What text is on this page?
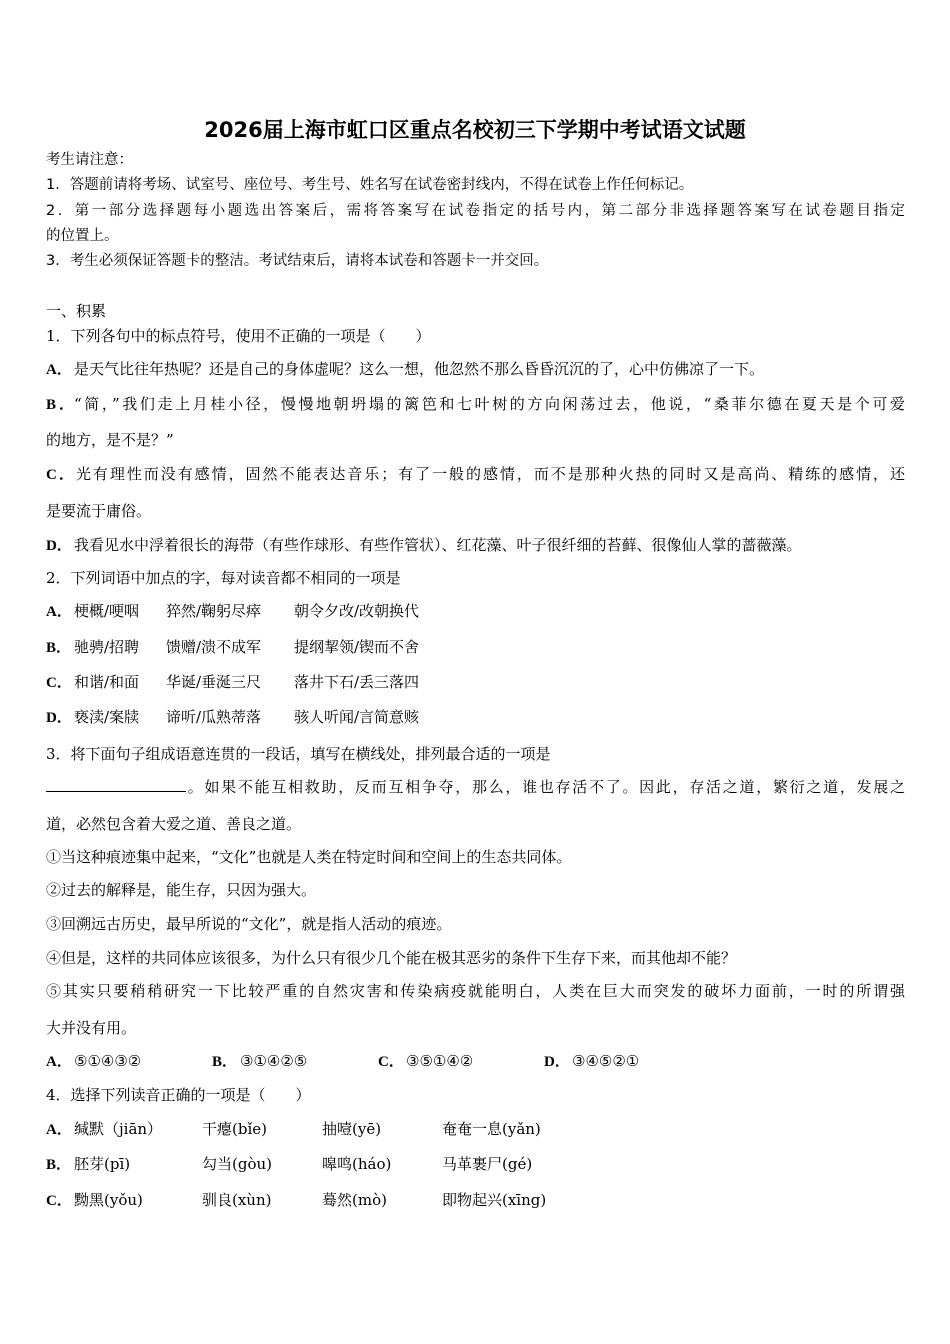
2026届上海市虹口区重点名校初三下学期中考试语文试题
考生请注意：
1．答题前请将考场、试室号、座位号、考生号、姓名写在试卷密封线内，不得在试卷上作任何标记。
2．第一部分选择题每小题选出答案后，需将答案写在试卷指定的括号内，第二部分非选择题答案写在试卷题目指定
的位置上。
3．考生必须保证答题卡的整洁。考试结束后，请将本试卷和答题卡一并交回。
一、积累
1．下列各句中的标点符号，使用不正确的一项是（　　）
A． 是天气比往年热呢？还是自己的身体虚呢？这么一想，他忽然不那么昏昏沉沉的了，心中仿佛凉了一下。
B．“简，”我们走上月桂小径，慢慢地朝坍塌的篱笆和七叶树的方向闲荡过去，他说，“桑菲尔德在夏天是个可爱
的地方，是不是？”
C．光有理性而没有感情，固然不能表达音乐；有了一般的感情，而不是那种火热的同时又是高尚、精练的感情，还
是要流于庸俗。
D． 我看见水中浮着很长的海带（有些作球形、有些作管状）、红花藻、叶子很纤细的苔藓、很像仙人掌的蔷薇藻。
2．下列词语中加点的字，每对读音都不相同的一项是
A． 梗概/哽咽 猝然/鞠躬尽瘁 朝令夕改/改朝换代
B． 驰骋/招聘 馈赠/溃不成军 提纲挈领/锲而不舍
C． 和谐/和面 华诞/垂涎三尺 落井下石/丢三落四
D． 亵渎/案牍 谛听/瓜熟蒂落 骇人听闻/言简意赅
3．将下面句子组成语意连贯的一段话，填写在横线处，排列最合适的一项是
。如果不能互相救助，反而互相争夺，那么，谁也存活不了。因此，存活之道，繁衍之道，发展之
道，必然包含着大爱之道、善良之道。
①当这种痕迹集中起来，“文化”也就是人类在特定时间和空间上的生态共同体。
②过去的解释是，能生存，只因为强大。
③回溯远古历史，最早所说的“文化”，就是指人活动的痕迹。
④但是，这样的共同体应该很多，为什么只有很少几个能在极其恶劣的条件下生存下来，而其他却不能？
⑤其实只要稍稍研究一下比较严重的自然灾害和传染病疫就能明白，人类在巨大而突发的破坏力面前，一时的所谓强
大并没有用。
A． ⑤①④③②	B． ③①④②⑤	C． ③⑤①④②	D． ③④⑤②①
4．选择下列读音正确的一项是（　　）
A． 缄默（jiān）	干瘪(bǐe)	抽噎(yē)	奄奄一息(yǎn)
B． 胚芽(pī)	勾当(gòu)	嗥鸣(háo)	马革裹尸(gé)
C． 黝黑(yǒu)	驯良(xùn)	蓦然(mò)	即物起兴(xīng)
